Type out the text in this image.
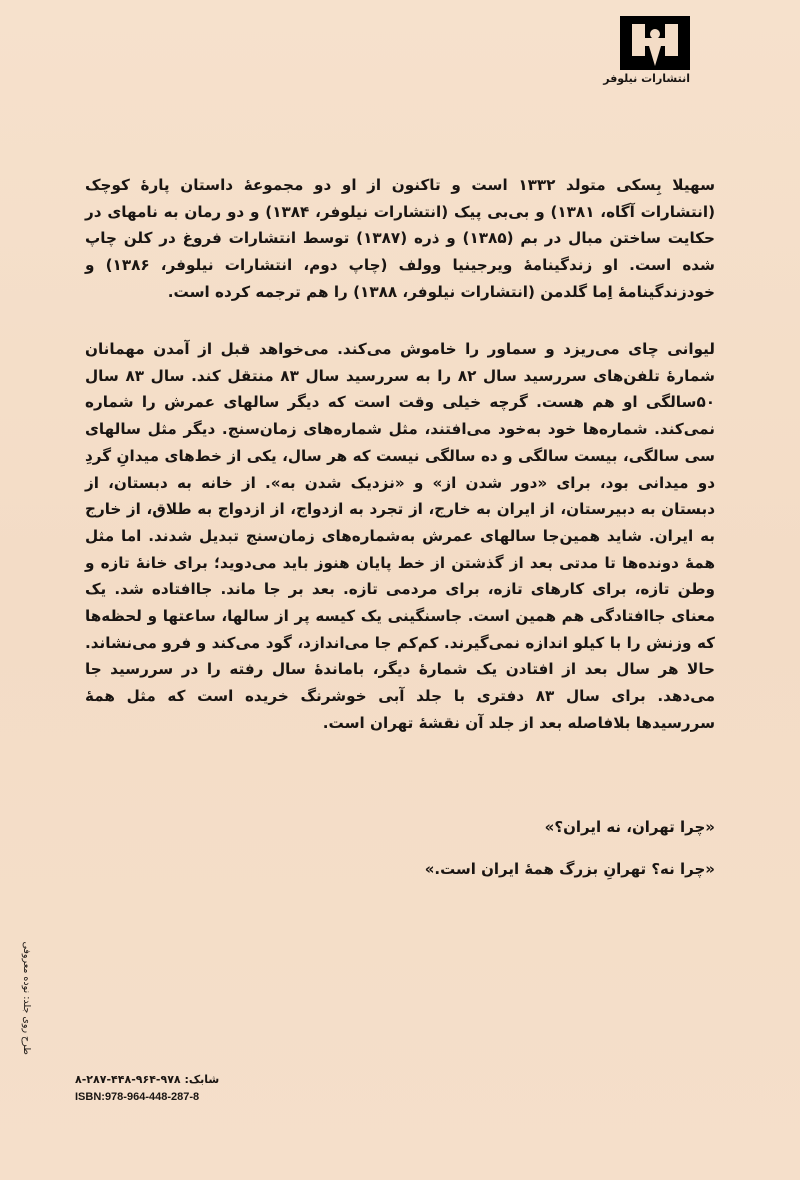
انتشارات نیلوفر
سهیلا بِسکی متولد ۱۳۳۲ است و تاکنون از او دو مجموعهٔ داستان پارهٔ کوچک (انتشارات آگاه، ۱۳۸۱) و بی‌بی پیک (انتشارات نیلوفر، ۱۳۸۴) و دو رمان به نامهای در حکایت ساختن مبال در بم (۱۳۸۵) و ذره (۱۳۸۷) توسط انتشارات فروغ در کلن چاپ شده است. او زندگینامهٔ ویرجینیا وولف (چاپ دوم، انتشارات نیلوفر، ۱۳۸۶) و خودزندگینامهٔ اِما گلدمن (انتشارات نیلوفر، ۱۳۸۸) را هم ترجمه کرده است.
لیوانی چای می‌ریزد و سماور را خاموش می‌کند. می‌خواهد قبل از آمدن مهمانان شمارهٔ تلفن‌های سررسید سال ۸۲ را به سررسید سال ۸۳ منتقل کند. سال ۸۳ سال ۵۰سالگی او هم هست. گرچه خیلی وقت است که دیگر سالهای عمرش را شماره نمی‌کند. شماره‌ها خود به‌خود می‌افتند، مثل شماره‌های زمان‌سنج. دیگر مثل سالهای سی سالگی، بیست سالگی و ده سالگی نیست که هر سال، یکی از خط‌های میدانِ گردِ دو میدانی بود، برای «دور شدن از» و «نزدیک شدن به». از خانه به دبستان، از دبستان به دبیرستان، از ایران به خارج، از تجرد به ازدواج، از ازدواج به طلاق، از خارج به ایران. شاید همین‌جا سالهای عمرش به‌شماره‌های زمان‌سنج تبدیل شدند. اما مثل همهٔ دونده‌ها تا مدتی بعد از گذشتن از خط پایان هنوز باید می‌دوید؛ برای خانهٔ تازه و وطن تازه، برای کارهای تازه، برای مردمی تازه. بعد بر جا ماند. جاافتاده شد. یک معنای جاافتادگی هم همین است. جاسنگینی یک کیسه پر از سالها، ساعتها و لحظه‌ها که وزنش را با کیلو اندازه نمی‌گیرند. کم‌کم جا می‌اندازد، گود می‌کند و فرو می‌نشاند. حالا هر سال بعد از افتادن یک شمارهٔ دیگر، باماندهٔ سال رفته را در سررسید جا می‌دهد. برای سال ۸۳ دفتری با جلد آبی خوشرنگ خریده است که مثل همهٔ سررسیدها بلافاصله بعد از جلد آن نقشهٔ تهران است.
«چرا تهران، نه ایران؟»
«چرا نه؟ تهرانِ بزرگ همهٔ ایران است.»
طرح روی جلد: نوده معروفی
شابک: ۹۷۸-۹۶۴-۴۴۸-۲۸۷-۸
ISBN:978-964-448-287-8
